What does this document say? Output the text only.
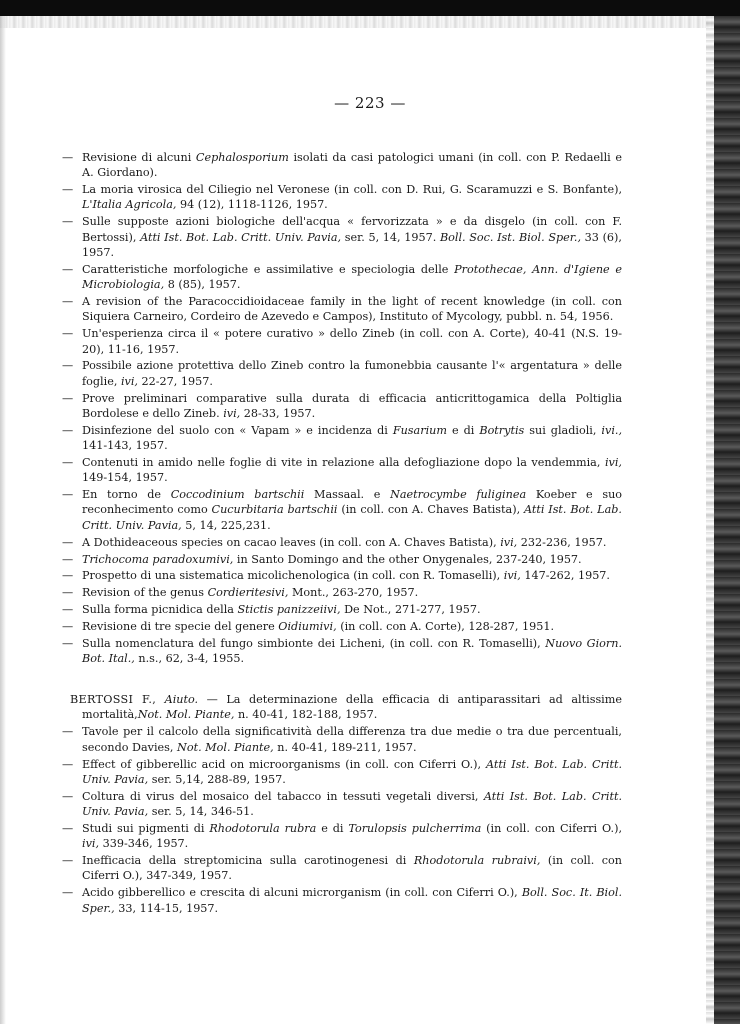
— 223 —

— Revisione di alcuni Cephalosporium isolati da casi patologici umani (in coll. con P. Redaelli e A. Giordano).

— La moria virosica del Ciliegio nel Veronese (in coll. con D. Rui, G. Scaramuzzi e S. Bonfante), L'Italia Agricola, 94 (12), 1118-1126, 1957.

— Sulle supposte azioni biologiche dell'acqua « fervorizzata » e da disgelo (in coll. con F. Bertossi), Atti Ist. Bot. Lab. Critt. Univ. Pavia, ser. 5, 14, 1957. Boll. Soc. Ist. Biol. Sper., 33 (6), 1957.

— Caratteristiche morfologiche e assimilative e speciologia delle Protothecae, Ann. d'Igiene e Microbiologia, 8 (85), 1957.

— A revision of the Paracoccidioidaceae family in the light of recent knowledge (in coll. con Siquiera Carneiro, Cordeiro de Azevedo e Campos), Instituto of Mycology, pubbl. n. 54, 1956.

— Un'esperienza circa il « potere curativo » dello Zineb (in coll. con A. Corte), 40-41 (N.S. 19-20), 11-16, 1957.

— Possibile azione protettiva dello Zineb contro la fumonebbia causante l'« argentatura » delle foglie, ivi, 22-27, 1957.

— Prove preliminari comparative sulla durata di efficacia anticrittogamica della Poltiglia Bordolese e dello Zineb. ivi, 28-33, 1957.

— Disinfezione del suolo con « Vapam » e incidenza di Fusarium e di Botrytis sui gladioli, ivi., 141-143, 1957.

— Contenuti in amido nelle foglie di vite in relazione alla defogliazione dopo la vendemmia, ivi, 149-154, 1957.

— En torno de Coccodinium bartschii Massaal. e Naetrocymbe fuliginea Koeber e suo reconhecimento como Cucurbitaria bartschii (in coll. con A. Chaves Batista), Atti Ist. Bot. Lab. Critt. Univ. Pavia, 5, 14, 225,231.

— A Dothideaceous species on cacao leaves (in coll. con A. Chaves Batista), ivi, 232-236, 1957.

— Trichocoma paradoxumivi, in Santo Domingo and the other Onygenales, 237-240, 1957.

— Prospetto di una sistematica micolichenologica (in coll. con R. Tomaselli), ivi, 147-262, 1957.

— Revision of the genus Cordieritesivi, Mont., 263-270, 1957.

— Sulla forma picnidica della Stictis panizzeiivi, De Not., 271-277, 1957.

— Revisione di tre specie del genere Oidiumivi, (in coll. con A. Corte), 128-287, 1951.

— Sulla nomenclatura del fungo simbionte dei Licheni, (in coll. con R. Tomaselli), Nuovo Giorn. Bot. Ital., n.s., 62, 3-4, 1955.

BERTOSSI F., Aiuto. — La determinazione della efficacia di antiparassitari ad altissime mortalità,Not. Mol. Piante, n. 40-41, 182-188, 1957.

— Tavole per il calcolo della significatività della differenza tra due medie o tra due percentuali, secondo Davies, Not. Mol. Piante, n. 40-41, 189-211, 1957.

— Effect of gibberellic acid on microorganisms (in coll. con Ciferri O.), Atti Ist. Bot. Lab. Critt. Univ. Pavia, ser. 5,14, 288-89, 1957.

— Coltura di virus del mosaico del tabacco in tessuti vegetali diversi, Atti Ist. Bot. Lab. Critt. Univ. Pavia, ser. 5, 14, 346-51.

— Studi sui pigmenti di Rhodotorula rubra e di Torulopsis pulcherrima (in coll. con Ciferri O.), ivi, 339-346, 1957.

— Inefficacia della streptomicina sulla carotinogenesi di Rhodotorula rubraivi, (in coll. con Ciferri O.), 347-349, 1957.

— Acido gibberellico e crescita di alcuni microrganism (in coll. con Ciferri O.), Boll. Soc. It. Biol. Sper., 33, 114-15, 1957.
